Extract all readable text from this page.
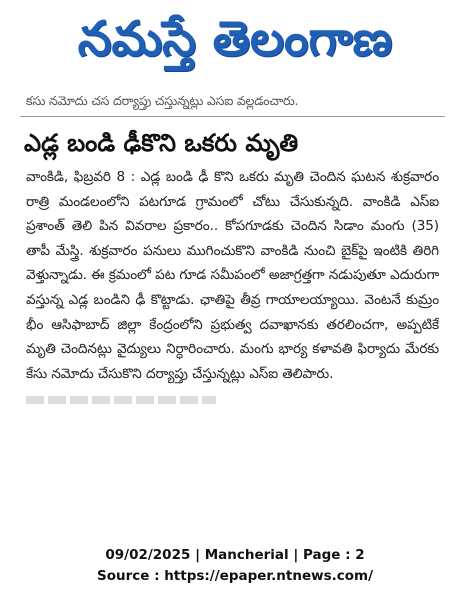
నమస్తే తెలంగాణ
కసు నమోదు చస దర్యాప్తు చస్తున్నట్లు ఎసఐ వల్లడంచారు.
ఎడ్ల బండి ఢీకొని ఒకరు మృతి
వాంకిడి, ఫిబ్రవరి 8 : ఎడ్ల బండి ఢీ కొని ఒకరు మృతి చెందిన ఘటన శుక్రవారం రాత్రి మండలంలోని పటగూడ గ్రామంలో చోటు చేసుకున్నది. వాంకిడి ఎస్ఐ ప్రశాంత్ తెలి పిన వివరాల ప్రకారం.. కోపగూడకు చెందిన సిడాం మంగు (35) తాపీ మేస్త్రి. శుక్రవారం పనులు ముగించుకొని వాంకిడి నుంచి బైక్‌పై ఇంటికి తిరిగి వెళ్తున్నాడు. ఈ క్రమంలో పట గూడ సమీపంలో అజాగ్రత్తగా నడుపుతూ ఎదురుగా వస్తున్న ఎడ్ల బండిని ఢీ కొట్టాడు. ఛాతిపై తీవ్ర గాయాలయ్యాయి. వెంటనే కుమ్రం భీం ఆసిఫాబాద్ జిల్లా కేంద్రంలోని ప్రభుత్వ దవాఖానకు తరలించగా, అప్పటికే మృతి చెందినట్లు వైద్యులు నిర్ధారించారు. మంగు భార్య కళావతి ఫిర్యాదు మేరకు కేసు నమోదు చేసుకొని దర్యాప్తు చేస్తున్నట్లు ఎస్ఐ తెలిపారు.
09/02/2025 | Mancherial | Page : 2
Source : https://epaper.ntnews.com/
